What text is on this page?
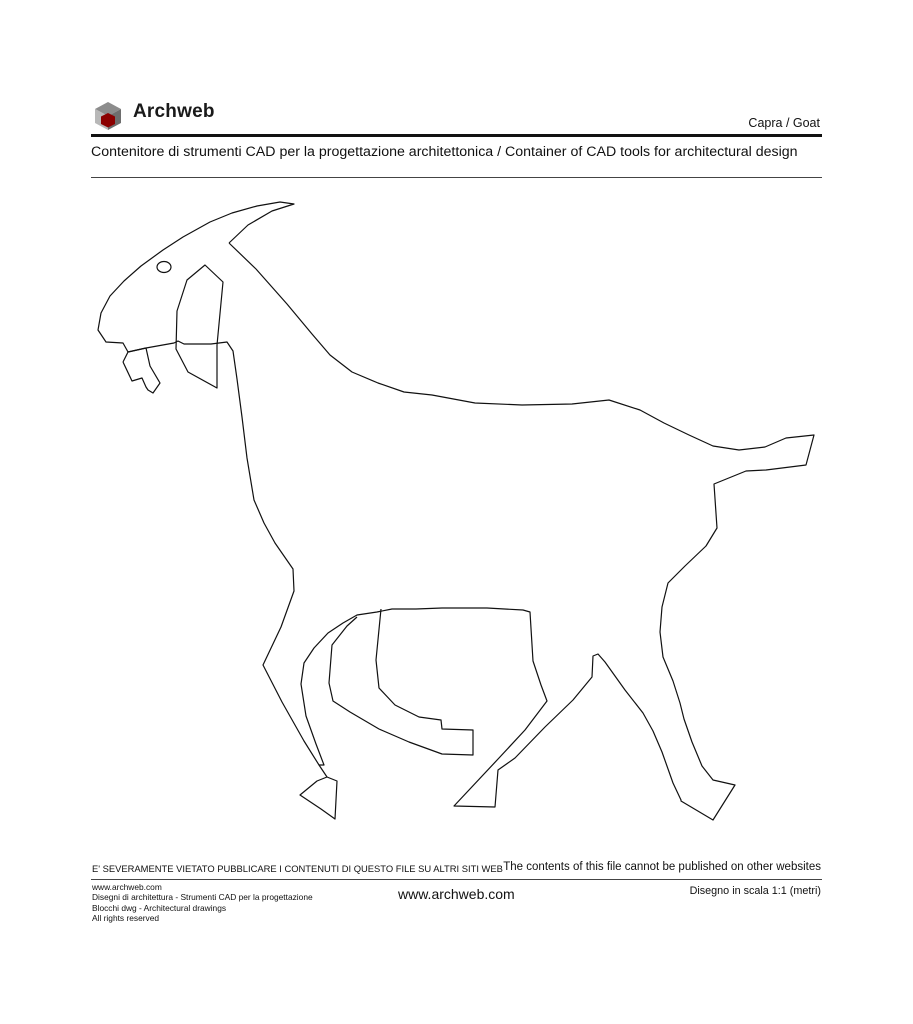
Archweb
Capra / Goat
Contenitore di strumenti CAD per la progettazione architettonica / Container of CAD tools for architectural design
E' SEVERAMENTE VIETATO PUBBLICARE I CONTENUTI DI QUESTO FILE SU ALTRI SITI WEB The contents of this file cannot be published on other websites
www.archweb.com
Disegni di architettura - Strumenti CAD per la progettazione
Blocchi dwg - Architectural drawings
All rights reserved
www.archweb.com	Disegno in scala 1:1 (metri)
